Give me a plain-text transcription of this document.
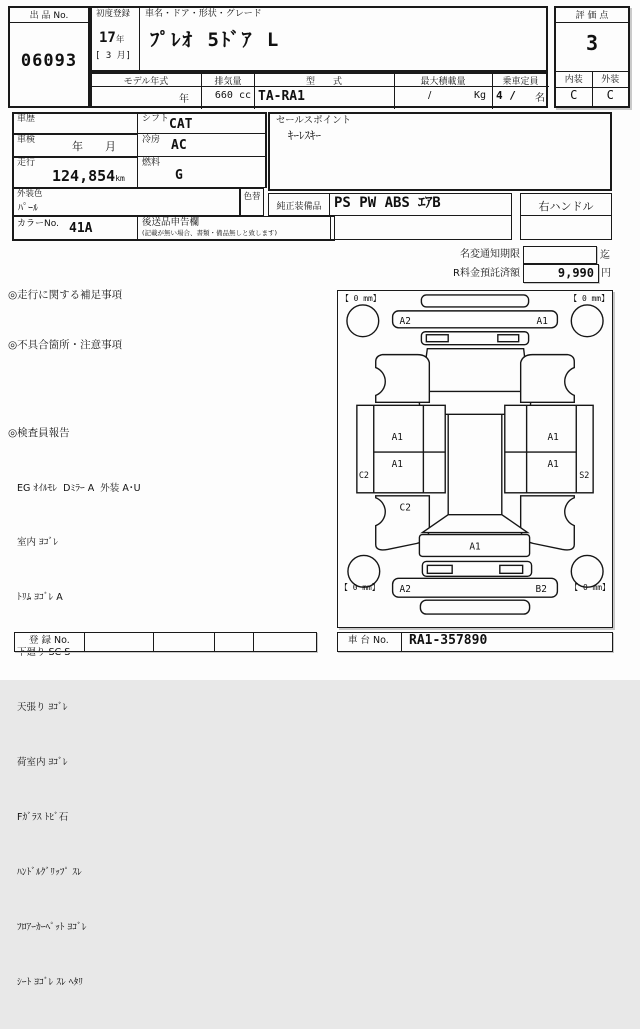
出 品 No.
06093
初度登録
17年
[ 3 月]
車名・ドア・形状・グレード
ﾌﾟﾚｵ 5ﾄﾞｱ L
モデル年式
年
排気量
660 cc
型　　式
TA-RA1
最大積載量
/	Kg
乗車定員
4 / 名
評 価 点
3
内装	外装
C	C
車歴
車検	年　　月
走行
124,854km
シフト CAT
冷房 AC
燃料
G
外装色
ﾊﾟｰﾙ
色替
カラーNo. 41A	後送品申告欄
(記載が無い場合、書類・備品無しと致します)
セールスポイント
ｷｰﾚｽｷｰ
純正装備品 PS PW ABS ｴｱB	右ハンドル
名変通知期限	迄
R料金預託済額	9,990 円
◎走行に関する補足事項
◎不具合箇所・注意事項
◎検査員報告

EG ｵｲﾙﾓﾚ  Dﾐﾗｰ A  外装 A･U

室内 ﾖｺﾞﾚ

ﾄﾘﾑ ﾖｺﾞﾚ A

下廻り SC S

天張り ﾖｺﾞﾚ

荷室内 ﾖｺﾞﾚ

Fｶﾞﾗｽ ﾄﾋﾞ石

ﾊﾝﾄﾞﾙｸﾞﾘｯﾌﾟ ｽﾚ

ﾌﾛｱｰｶｰﾍﾟｯﾄ ﾖｺﾞﾚ

ｼｰﾄ ﾖｺﾞﾚ ｽﾚ ﾍﾀﾘ

【 0 mm】	【 0 mm】
【 0 mm】	【 0 mm】
A2	A1
A1
A1
C2
C2
A1
A1
S2
A1
A2	B2
登 録 No.	車 台 No. RA1-357890
